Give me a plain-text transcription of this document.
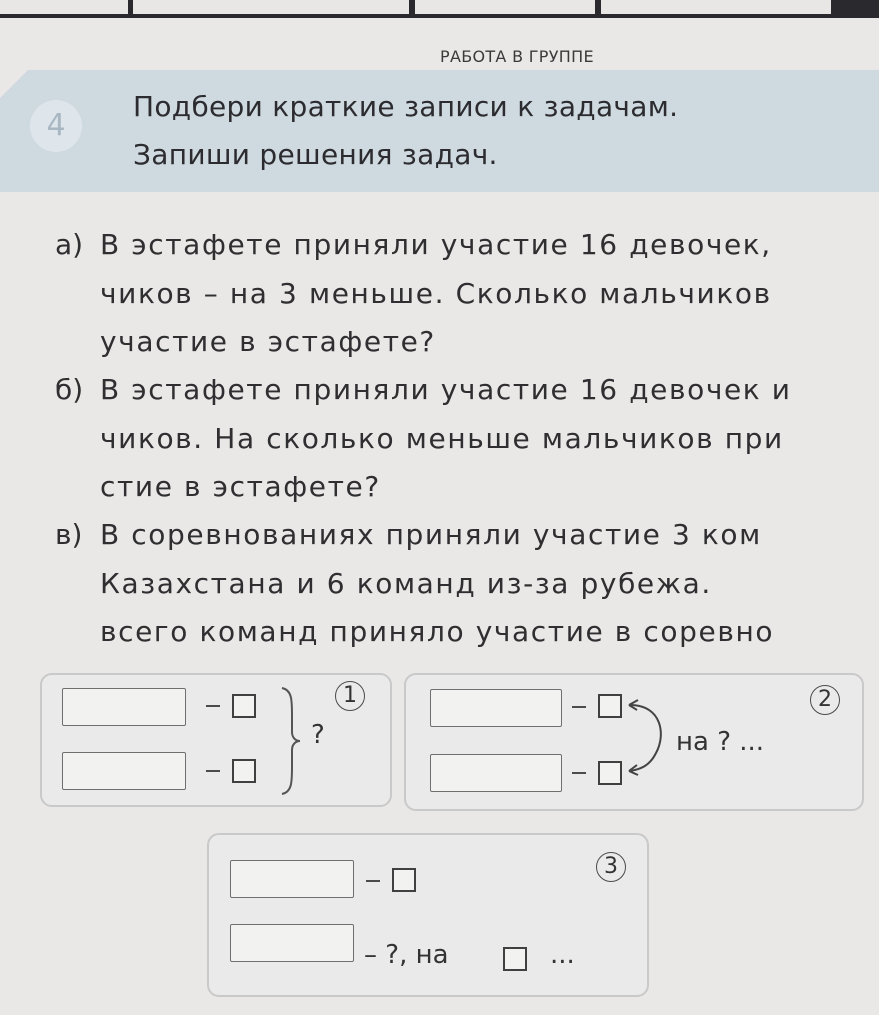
РАБОТА В ГРУППЕ
4
Подбери краткие записи к задачам.
Запиши решения задач.
а) В эстафете приняли участие 16 девочек,
чиков – на 3 меньше. Сколько мальчиков
участие в эстафете?
б) В эстафете приняли участие 16 девочек и
чиков. На сколько меньше мальчиков при
стие в эстафете?
в) В соревнованиях приняли участие 3 ком
Казахстана и 6 команд из-за рубежа.
всего команд приняло участие в соревно
?
1
на ? ...
2
– ?, на	...
3
